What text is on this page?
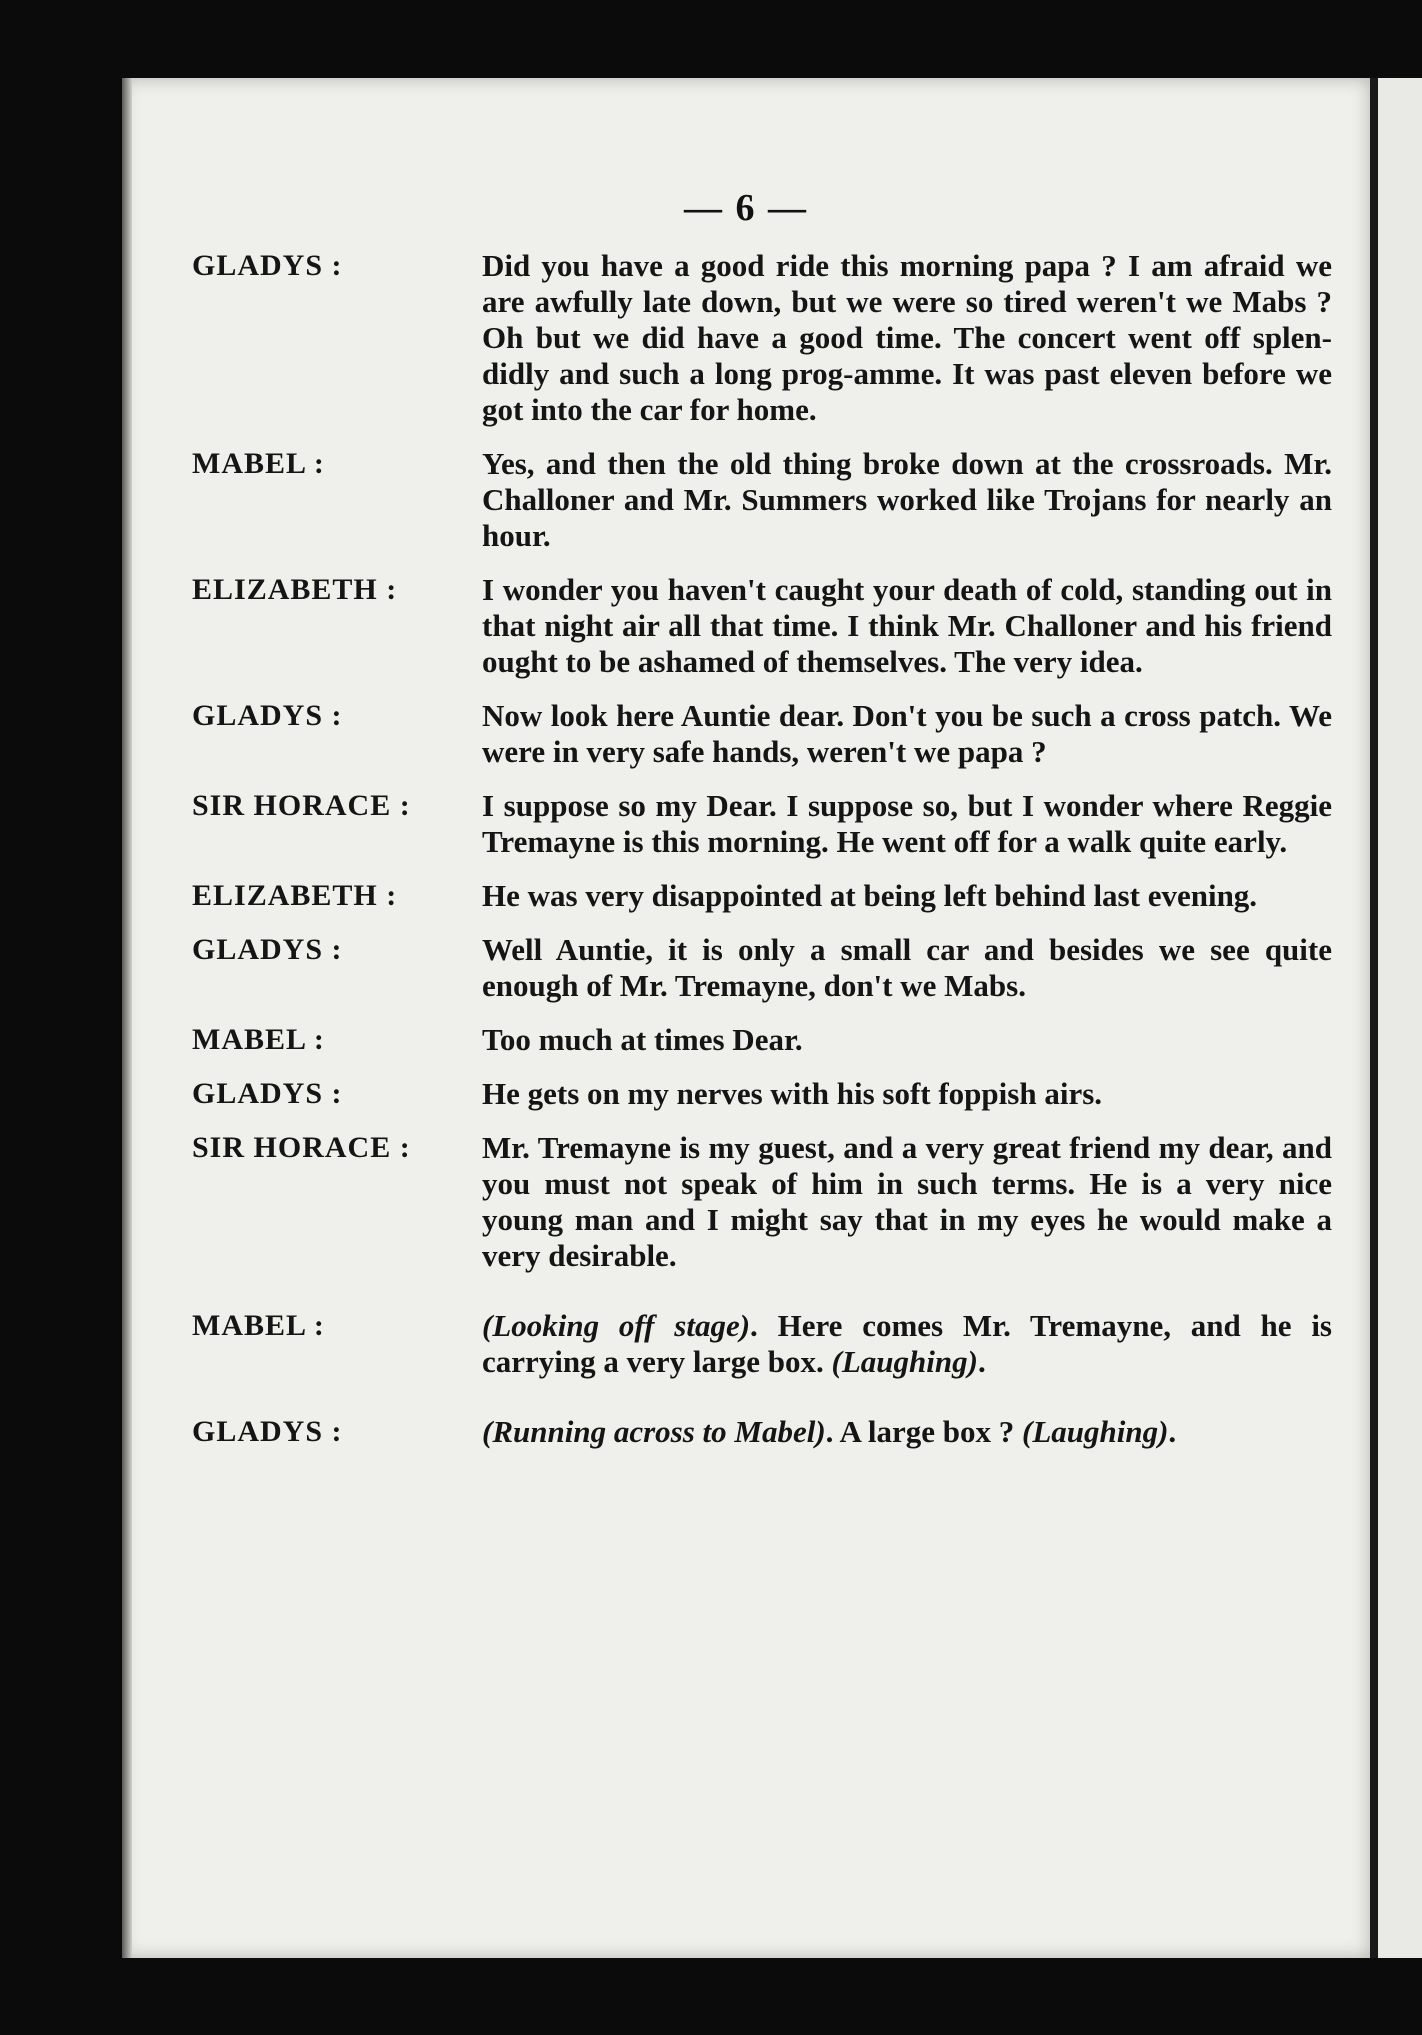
— 6 —
GLADYS :	Did you have a good ride this morning papa ? I am afraid we are awfully late down, but we were so tired weren't we Mabs ? Oh but we did have a good time. The concert went off splen-didly and such a long prog-amme. It was past eleven before we got into the car for home.
MABEL :	Yes, and then the old thing broke down at the crossroads. Mr. Challoner and Mr. Summers worked like Trojans for nearly an hour.
ELIZABETH :	I wonder you haven't caught your death of cold, standing out in that night air all that time. I think Mr. Challoner and his friend ought to be ashamed of themselves. The very idea.
GLADYS :	Now look here Auntie dear. Don't you be such a cross patch. We were in very safe hands, weren't we papa ?
SIR HORACE :	I suppose so my Dear. I suppose so, but I wonder where Reggie Tremayne is this morning. He went off for a walk quite early.
ELIZABETH :	He was very disappointed at being left behind last evening.
GLADYS :	Well Auntie, it is only a small car and besides we see quite enough of Mr. Tremayne, don't we Mabs.
MABEL :	Too much at times Dear.
GLADYS :	He gets on my nerves with his soft foppish airs.
SIR HORACE :	Mr. Tremayne is my guest, and a very great friend my dear, and you must not speak of him in such terms. He is a very nice young man and I might say that in my eyes he would make a very desirable.
MABEL :	(Looking off stage). Here comes Mr. Tremayne, and he is carrying a very large box. (Laughing).
GLADYS :	(Running across to Mabel). A large box ? (Laughing).
